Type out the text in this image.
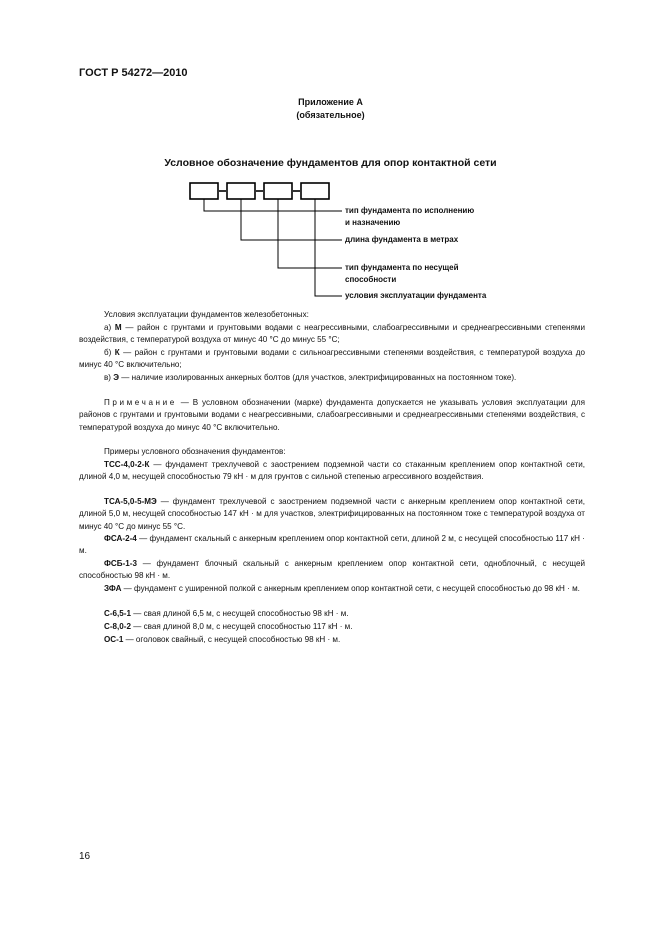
ГОСТ Р 54272—2010
Приложение А
(обязательное)
Условное обозначение фундаментов для опор контактной сети
тип фундамента по исполнению
и назначению
длина фундамента в метрах
тип фундамента по несущей
способности
условия эксплуатации фундамента
Условия эксплуатации фундаментов железобетонных:
а) М — район с грунтами и грунтовыми водами с неагрессивными, слабоагрессивными и среднеагрессивными степенями воздействия, с температурой воздуха от минус 40 °С до минус 55 °С;
б) К — район с грунтами и грунтовыми водами с сильноагрессивными степенями воздействия, с температурой воздуха до минус 40 °С включительно;
в) Э — наличие изолированных анкерных болтов (для участков, электрифицированных на постоянном токе).
Примечание — В условном обозначении (марке) фундамента допускается не указывать условия эксплуатации для районов с грунтами и грунтовыми водами с неагрессивными, слабоагрессивными и среднеагрессивными степенями воздействия, с температурой воздуха до минус 40 °С включительно.
Примеры условного обозначения фундаментов:
ТСС-4,0-2-К — фундамент трехлучевой с заострением подземной части со стаканным креплением опор контактной сети, длиной 4,0 м, несущей способностью 79 кН · м для грунтов с сильной степенью агрессивного воздействия.
ТСА-5,0-5-МЭ — фундамент трехлучевой с заострением подземной части с анкерным креплением опор контактной сети, длиной 5,0 м, несущей способностью 147 кН · м для участков, электрифицированных на постоянном токе с температурой воздуха от минус 40 °С до минус 55 °С.
ФСА-2-4 — фундамент скальный с анкерным креплением опор контактной сети, длиной 2 м, с несущей способностью 117 кН · м.
ФСБ-1-3 — фундамент блочный скальный с анкерным креплением опор контактной сети, одноблочный, с несущей способностью 98 кН · м.
ЗФА — фундамент с уширенной полкой с анкерным креплением опор контактной сети, с несущей способностью до 98 кН · м.
С-6,5-1 — свая длиной 6,5 м, с несущей способностью 98 кН · м.
С-8,0-2 — свая длиной 8,0 м, с несущей способностью 117 кН · м.
ОС-1 — оголовок свайный, с несущей способностью 98 кН · м.
16
